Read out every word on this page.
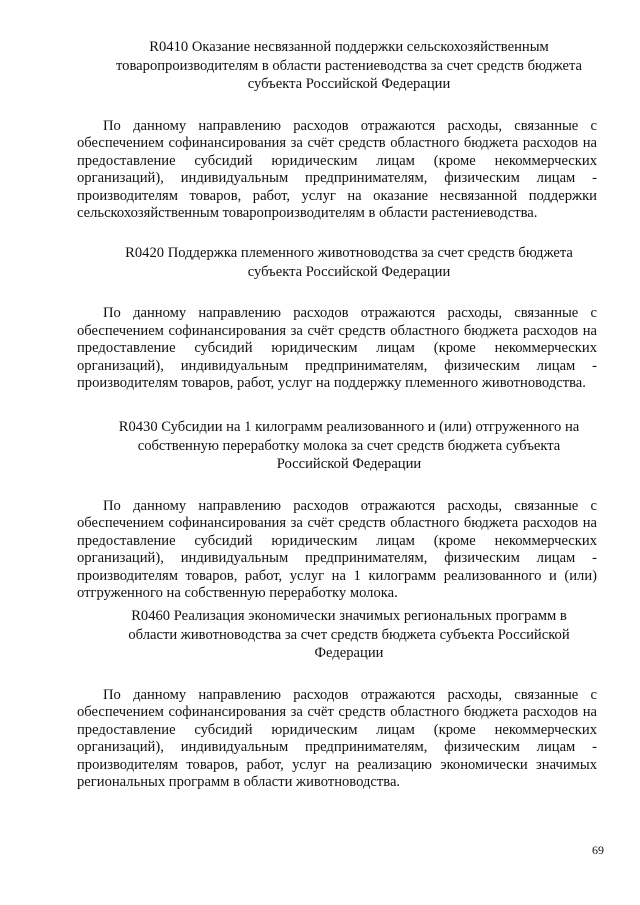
R0410 Оказание несвязанной поддержки сельскохозяйственным товаропроизводителям в области растениеводства за счет средств бюджета субъекта Российской Федерации

По данному направлению расходов отражаются расходы, связанные с обеспечением софинансирования за счёт средств областного бюджета расходов на предоставление субсидий юридическим лицам (кроме некоммерческих организаций), индивидуальным предпринимателям, физическим лицам - производителям товаров, работ, услуг на оказание несвязанной поддержки сельскохозяйственным товаропроизводителям в области растениеводства.

R0420 Поддержка племенного животноводства за счет средств бюджета субъекта Российской Федерации

По данному направлению расходов отражаются расходы, связанные с обеспечением софинансирования за счёт средств областного бюджета расходов на предоставление субсидий юридическим лицам (кроме некоммерческих организаций), индивидуальным предпринимателям, физическим лицам - производителям товаров, работ, услуг на поддержку племенного животноводства.

R0430 Субсидии на 1 килограмм реализованного и (или) отгруженного на собственную переработку молока за счет средств бюджета субъекта Российской Федерации

По данному направлению расходов отражаются расходы, связанные с обеспечением софинансирования за счёт средств областного бюджета расходов на предоставление субсидий юридическим лицам (кроме некоммерческих организаций), индивидуальным предпринимателям, физическим лицам - производителям товаров, работ, услуг на 1 килограмм реализованного и (или) отгруженного на собственную переработку молока.

R0460 Реализация экономически значимых региональных программ в области животноводства за счет средств бюджета субъекта Российской Федерации

По данному направлению расходов отражаются расходы, связанные с обеспечением софинансирования за счёт средств областного бюджета расходов на предоставление субсидий юридическим лицам (кроме некоммерческих организаций), индивидуальным предпринимателям, физическим лицам - производителям товаров, работ, услуг на реализацию экономически значимых региональных программ в области животноводства.

69
